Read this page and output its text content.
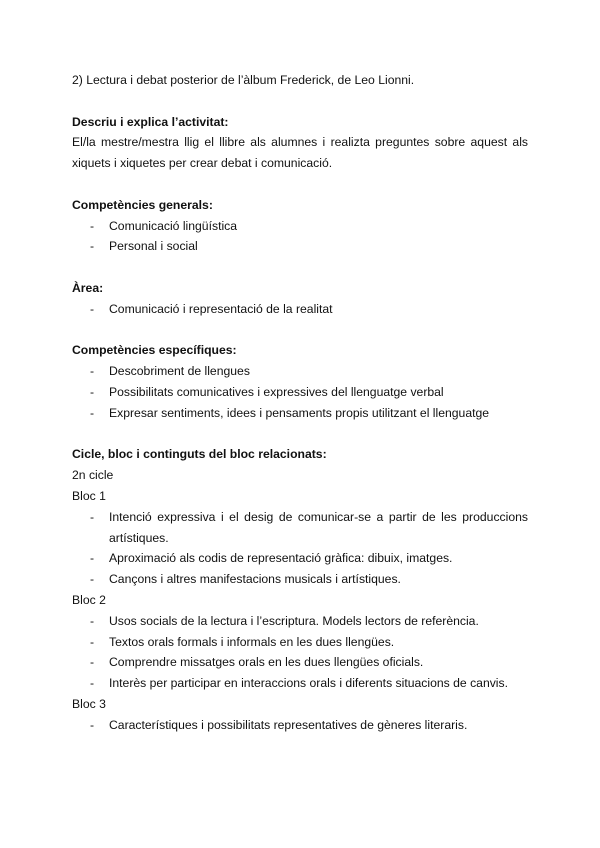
2) Lectura i debat posterior de l’àlbum Frederick, de Leo Lionni.

Descriu i explica l’activitat:

El/la mestre/mestra llig el llibre als alumnes i realizta preguntes sobre aquest als xiquets i xiquetes per crear debat i comunicació.

Competències generals:

- Comunicació lingüística
- Personal i social

Àrea:

- Comunicació i representació de la realitat

Competències específiques:

- Descobriment de llengues
- Possibilitats comunicatives i expressives del llenguatge verbal
- Expresar sentiments, idees i pensaments propis utilitzant el llenguatge

Cicle, bloc i continguts del bloc relacionats:

2n cicle

Bloc 1

- Intenció expressiva i el desig de comunicar-se a partir de les produccions artístiques.
- Aproximació als codis de representació gràfica: dibuix, imatges.
- Cançons i altres manifestacions musicals i artístiques.

Bloc 2

- Usos socials de la lectura i l’escriptura. Models lectors de referència.
- Textos orals formals i informals en les dues llengües.
- Comprendre missatges orals en les dues llengües oficials.
- Interès per participar en interaccions orals i diferents situacions de canvis.

Bloc 3

- Característiques i possibilitats representatives de gèneres literaris.
